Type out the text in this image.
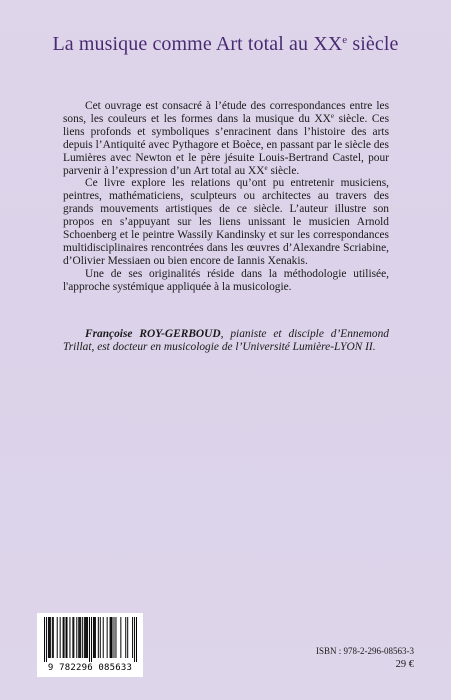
La musique comme Art total au XXe siècle

Cet ouvrage est consacré à l’étude des correspondances entre les sons, les couleurs et les formes dans la musique du XXe siècle. Ces liens profonds et symboliques s’enracinent dans l’histoire des arts depuis l’Antiquité avec Pythagore et Boèce, en passant par le siècle des Lumières avec Newton et le père jésuite Louis-Bertrand Castel, pour parvenir à l’expression d’un Art total au XXe siècle.

Ce livre explore les relations qu’ont pu entretenir musiciens, peintres, mathématiciens, sculpteurs ou architectes au travers des grands mouvements artistiques de ce siècle. L’auteur illustre son propos en s’appuyant sur les liens unissant le musicien Arnold Schoenberg et le peintre Wassily Kandinsky et sur les correspondances multidisciplinaires rencontrées dans les œuvres d’Alexandre Scriabine, d’Olivier Messiaen ou bien encore de Iannis Xenakis.

Une de ses originalités réside dans la méthodologie utilisée, l'approche systémique appliquée à la musicologie.

Françoise ROY-GERBOUD, pianiste et disciple d’Ennemond Trillat, est docteur en musicologie de l’Université Lumière-LYON II.
9 782296 085633
ISBN : 978-2-296-08563-3
29 €
